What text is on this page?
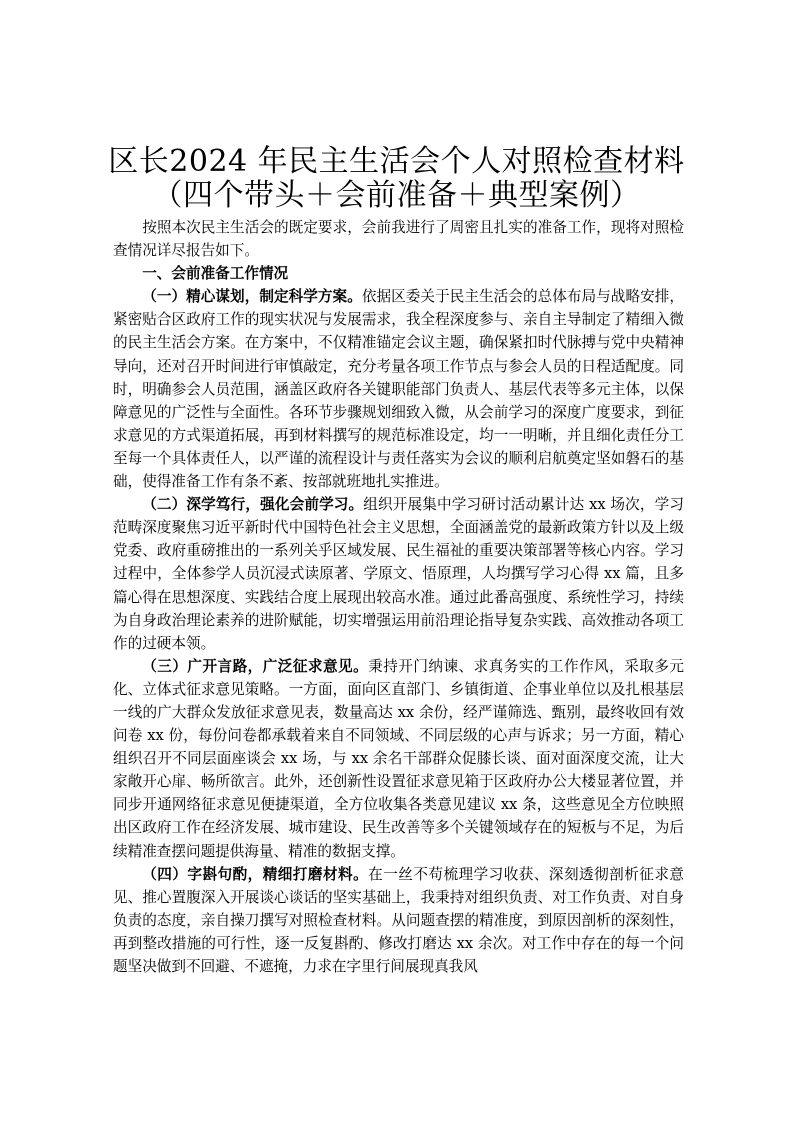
区长2024 年民主生活会个人对照检查材料
（四个带头＋会前准备＋典型案例）

按照本次民主生活会的既定要求，会前我进行了周密且扎实的准备工作，现将对照检查情况详尽报告如下。

一、会前准备工作情况

（一）精心谋划，制定科学方案。依据区委关于民主生活会的总体布局与战略安排，紧密贴合区政府工作的现实状况与发展需求，我全程深度参与、亲自主导制定了精细入微的民主生活会方案。在方案中，不仅精准锚定会议主题，确保紧扣时代脉搏与党中央精神导向，还对召开时间进行审慎敲定，充分考量各项工作节点与参会人员的日程适配度。同时，明确参会人员范围，涵盖区政府各关键职能部门负责人、基层代表等多元主体，以保障意见的广泛性与全面性。各环节步骤规划细致入微，从会前学习的深度广度要求，到征求意见的方式渠道拓展，再到材料撰写的规范标准设定，均一一明晰，并且细化责任分工至每一个具体责任人，以严谨的流程设计与责任落实为会议的顺利启航奠定坚如磐石的基础，使得准备工作有条不紊、按部就班地扎实推进。

（二）深学笃行，强化会前学习。组织开展集中学习研讨活动累计达 xx 场次，学习范畴深度聚焦习近平新时代中国特色社会主义思想，全面涵盖党的最新政策方针以及上级党委、政府重磅推出的一系列关乎区域发展、民生福祉的重要决策部署等核心内容。学习过程中，全体参学人员沉浸式读原著、学原文、悟原理，人均撰写学习心得 xx 篇，且多篇心得在思想深度、实践结合度上展现出较高水准。通过此番高强度、系统性学习，持续为自身政治理论素养的进阶赋能，切实增强运用前沿理论指导复杂实践、高效推动各项工作的过硬本领。

（三）广开言路，广泛征求意见。秉持开门纳谏、求真务实的工作作风，采取多元化、立体式征求意见策略。一方面，面向区直部门、乡镇街道、企事业单位以及扎根基层一线的广大群众发放征求意见表，数量高达 xx 余份，经严谨筛选、甄别，最终收回有效问卷 xx 份，每份问卷都承载着来自不同领域、不同层级的心声与诉求；另一方面，精心组织召开不同层面座谈会 xx 场，与 xx 余名干部群众促膝长谈、面对面深度交流，让大家敞开心扉、畅所欲言。此外，还创新性设置征求意见箱于区政府办公大楼显著位置，并同步开通网络征求意见便捷渠道，全方位收集各类意见建议 xx 条，这些意见全方位映照出区政府工作在经济发展、城市建设、民生改善等多个关键领域存在的短板与不足，为后续精准查摆问题提供海量、精准的数据支撑。

（四）字斟句酌，精细打磨材料。在一丝不苟梳理学习收获、深刻透彻剖析征求意见、推心置腹深入开展谈心谈话的坚实基础上，我秉持对组织负责、对工作负责、对自身负责的态度，亲自操刀撰写对照检查材料。从问题查摆的精准度，到原因剖析的深刻性，再到整改措施的可行性，逐一反复斟酌、修改打磨达 xx 余次。对工作中存在的每一个问题坚决做到不回避、不遮掩，力求在字里行间展现真我风
